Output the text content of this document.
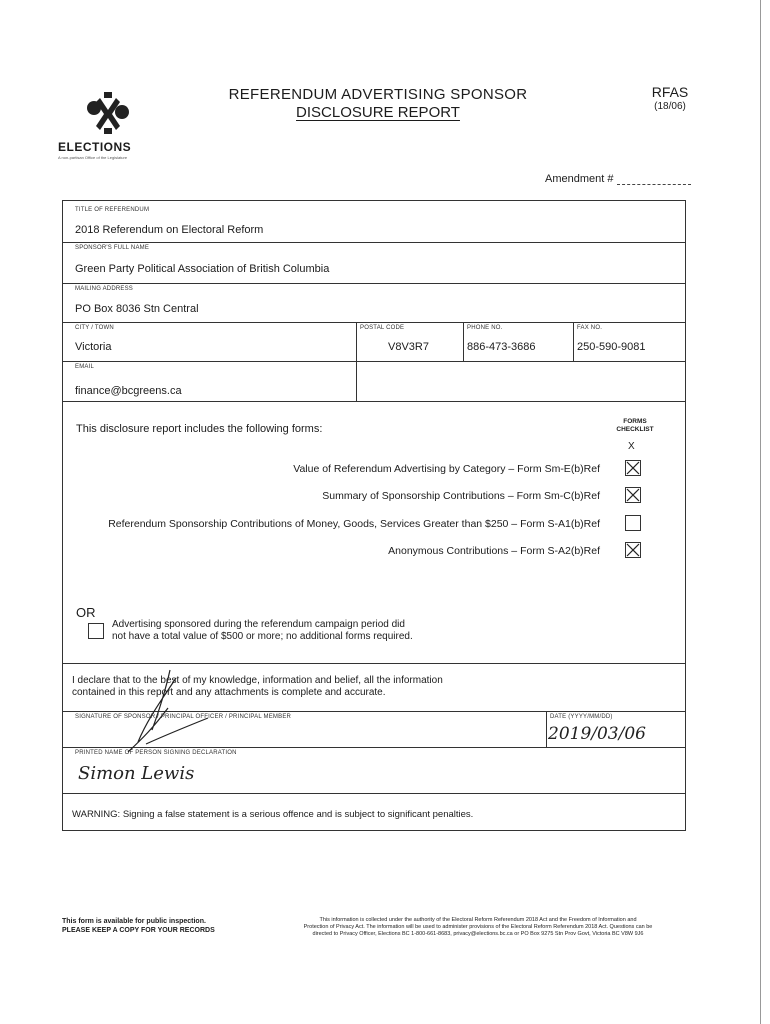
ELECTIONS
A non-partisan Office of the Legislature
REFERENDUM ADVERTISING SPONSOR
DISCLOSURE REPORT
RFAS
(18/06)
Amendment #
TITLE OF REFERENDUM
2018 Referendum on Electoral Reform
SPONSOR'S FULL NAME
Green Party Political Association of British Columbia
MAILING ADDRESS
PO Box 8036 Stn Central
CITY / TOWN
Victoria
POSTAL CODE
V8V3R7
PHONE NO.
886-473-3686
FAX NO.
250-590-9081
EMAIL
finance@bcgreens.ca
SIGNATURE OF SPONSOR / PRINCIPAL OFFICER / PRINCIPAL MEMBER	DATE (YYYY/MM/DD)
PRINTED NAME OF PERSON SIGNING DECLARATION
This disclosure report includes the following forms:
FORMS
CHECKLIST
X
Value of Referendum Advertising by Category – Form Sm-E(b)Ref
Summary of Sponsorship Contributions – Form Sm-C(b)Ref
Referendum Sponsorship Contributions of Money, Goods, Services Greater than $250 – Form S-A1(b)Ref
Anonymous Contributions – Form S-A2(b)Ref
OR
Advertising sponsored during the referendum campaign period did
not have a total value of $500 or more; no additional forms required.
I declare that to the best of my knowledge, information and belief, all the information
contained in this report and any attachments is complete and accurate.
2019/03/06
Simon Lewis
WARNING: Signing a false statement is a serious offence and is subject to significant penalties.
This form is available for public inspection.
PLEASE KEEP A COPY FOR YOUR RECORDS
This information is collected under the authority of the Electoral Reform Referendum 2018 Act and the Freedom of Information and
Protection of Privacy Act. The information will be used to administer provisions of the Electoral Reform Referendum 2018 Act. Questions can be
directed to Privacy Officer, Elections BC 1-800-661-8683, privacy@elections.bc.ca or PO Box 9275 Stn Prov Govt, Victoria BC V8W 9J6
